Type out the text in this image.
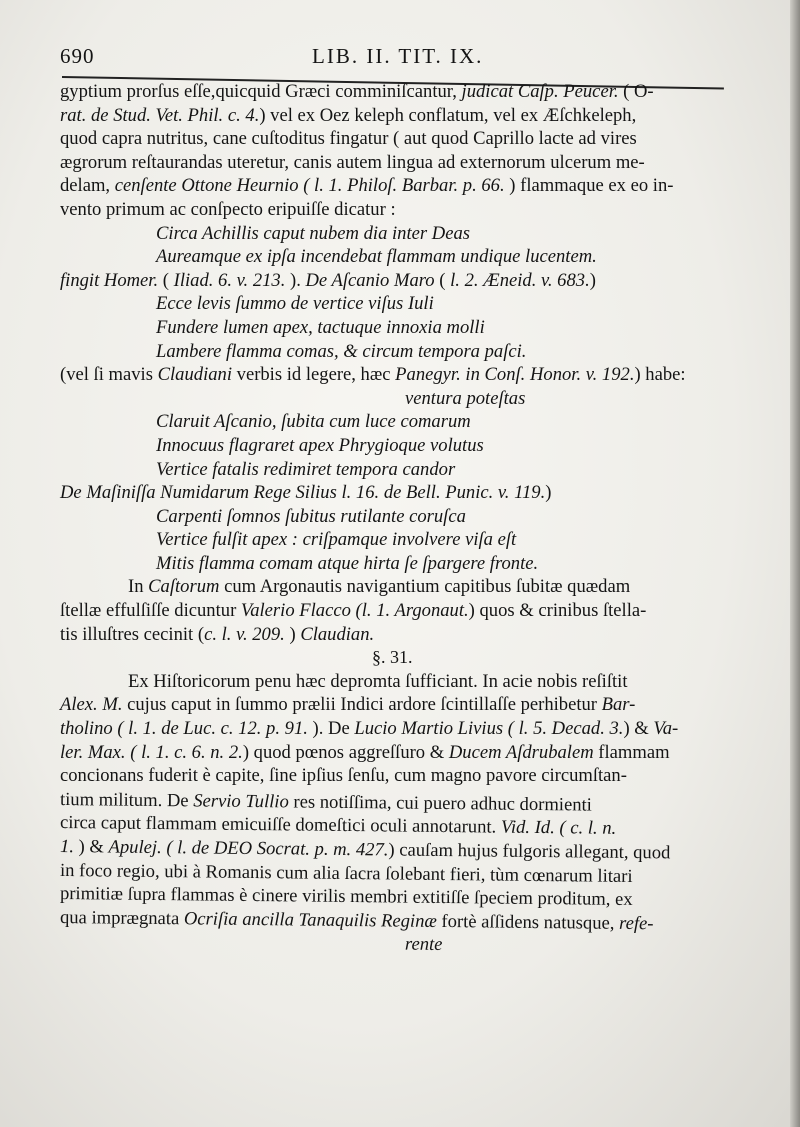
690	LIB. II. TIT. IX.
gyptium prorſus eſſe,quicquid Græci comminiſcantur, judicat Caſp. Peucer. ( O-
rat. de Stud. Vet. Phil. c. 4.) vel ex Oez keleph conflatum, vel ex Æſchkeleph,
quod capra nutritus, cane cuſtoditus fingatur ( aut quod Caprillo lacte ad vires
ægrorum reſtaurandas uteretur, canis autem lingua ad externorum ulcerum me-
delam, cenſente Ottone Heurnio ( l. 1. Philoſ. Barbar. p. 66. ) flammaque ex eo in-
vento primum ac conſpecto eripuiſſe dicatur :
Circa Achillis caput nubem dia inter Deas
Aureamque ex ipſa incendebat flammam undique lucentem.
fingit Homer. ( Iliad. 6. v. 213. ). De Aſcanio Maro ( l. 2. Æneid. v. 683.)
Ecce levis ſummo de vertice viſus Iuli
Fundere lumen apex, tactuque innoxia molli
Lambere flamma comas, & circum tempora paſci.
(vel ſi mavis Claudiani verbis id legere, hæc Panegyr. in Conſ. Honor. v. 192.) habe:
ventura poteſtas
Claruit Aſcanio, ſubita cum luce comarum
Innocuus flagraret apex Phrygioque volutus
Vertice fatalis redimiret tempora candor
De Maſiniſſa Numidarum Rege Silius l. 16. de Bell. Punic. v. 119.)
Carpenti ſomnos ſubitus rutilante coruſca
Vertice fulſit apex : criſpamque involvere viſa eſt
Mitis flamma comam atque hirta ſe ſpargere fronte.
In Caſtorum cum Argonautis navigantium capitibus ſubitæ quædam
ſtellæ effulſiſſe dicuntur Valerio Flacco (l. 1. Argonaut.) quos & crinibus ſtella-
tis illuſtres cecinit (c. l. v. 209. ) Claudian.
§. 31.
Ex Hiſtoricorum penu hæc depromta ſufficiant. In acie nobis reſiſtit
Alex. M. cujus caput in ſummo prælii Indici ardore ſcintillaſſe perhibetur Bar-
tholino ( l. 1. de Luc. c. 12. p. 91. ). De Lucio Martio Livius ( l. 5. Decad. 3.) & Va-
ler. Max. ( l. 1. c. 6. n. 2.) quod pœnos aggreſſuro & Ducem Aſdrubalem flammam
concionans fuderit è capite, ſine ipſius ſenſu, cum magno pavore circumſtan-
tium militum. De Servio Tullio res notiſſima, cui puero adhuc dormienti
circa caput flammam emicuiſſe domeſtici oculi annotarunt. Vid. Id. ( c. l. n.
1. ) & Apulej. ( l. de DEO Socrat. p. m. 427.) cauſam hujus fulgoris allegant, quod
in foco regio, ubi à Romanis cum alia ſacra ſolebant fieri, tùm cœnarum litari
primitiæ ſupra flammas è cinere virilis membri extitiſſe ſpeciem proditum, ex
qua imprægnata Ocriſia ancilla Tanaquilis Reginæ fortè aſſidens natusque, refe-
rente
